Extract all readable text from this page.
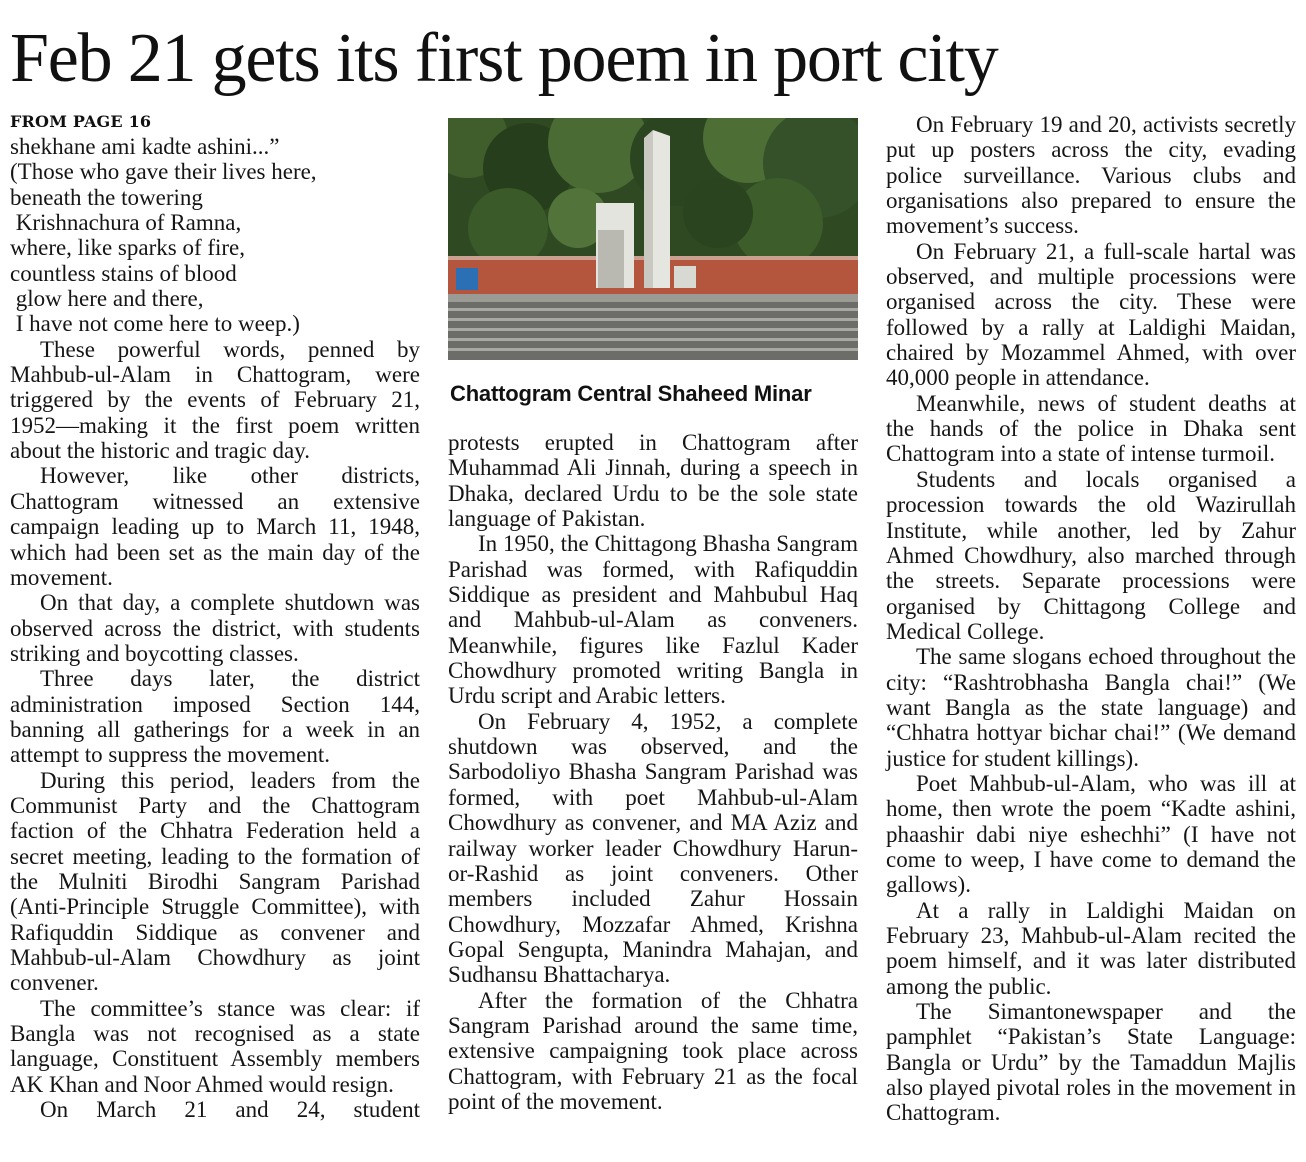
Feb 21 gets its first poem in port city
FROM PAGE 16

shekhane ami kadte ashini...”

(Those who gave their lives here,

beneath the towering

Krishnachura of Ramna,

where, like sparks of fire,

countless stains of blood

glow here and there,

I have not come here to weep.)

These powerful words, penned by Mahbub-ul-Alam in Chattogram, were triggered by the events of February 21, 1952—making it the first poem written about the historic and tragic day.

However, like other districts, Chattogram witnessed an extensive campaign leading up to March 11, 1948, which had been set as the main day of the movement.

On that day, a complete shutdown was observed across the district, with students striking and boycotting classes.

Three days later, the district administration imposed Section 144, banning all gatherings for a week in an attempt to suppress the movement.

During this period, leaders from the Communist Party and the Chattogram faction of the Chhatra Federation held a secret meeting, leading to the formation of the Mulniti Birodhi Sangram Parishad (Anti-Principle Struggle Committee), with Rafiquddin Siddique as convener and Mahbub-ul-Alam Chowdhury as joint convener.

The committee’s stance was clear: if Bangla was not recognised as a state language, Constituent Assembly members AK Khan and Noor Ahmed would resign.

On March 21 and 24, student

Chattogram Central Shaheed Minar

protests erupted in Chattogram after Muhammad Ali Jinnah, during a speech in Dhaka, declared Urdu to be the sole state language of Pakistan.

In 1950, the Chittagong Bhasha Sangram Parishad was formed, with Rafiquddin Siddique as president and Mahbubul Haq and Mahbub-ul-Alam as conveners. Meanwhile, figures like Fazlul Kader Chowdhury promoted writing Bangla in Urdu script and Arabic letters.

On February 4, 1952, a complete shutdown was observed, and the Sarbodoliyo Bhasha Sangram Parishad was formed, with poet Mahbub-ul-Alam Chowdhury as convener, and MA Aziz and railway worker leader Chowdhury Harun-or-Rashid as joint conveners. Other members included Zahur Hossain Chowdhury, Mozzafar Ahmed, Krishna Gopal Sengupta, Manindra Mahajan, and Sudhansu Bhattacharya.

After the formation of the Chhatra Sangram Parishad around the same time, extensive campaigning took place across Chattogram, with February 21 as the focal point of the movement.

On February 19 and 20, activists secretly put up posters across the city, evading police surveillance. Various clubs and organisations also prepared to ensure the movement’s success.

On February 21, a full-scale hartal was observed, and multiple processions were organised across the city. These were followed by a rally at Laldighi Maidan, chaired by Mozammel Ahmed, with over 40,000 people in attendance.

Meanwhile, news of student deaths at the hands of the police in Dhaka sent Chattogram into a state of intense turmoil.

Students and locals organised a procession towards the old Wazirullah Institute, while another, led by Zahur Ahmed Chowdhury, also marched through the streets. Separate processions were organised by Chittagong College and Medical College.

The same slogans echoed throughout the city: “Rashtrobhasha Bangla chai!” (We want Bangla as the state language) and “Chhatra hottyar bichar chai!” (We demand justice for student killings).

Poet Mahbub-ul-Alam, who was ill at home, then wrote the poem “Kadte ashini, phaashir dabi niye eshechhi” (I have not come to weep, I have come to demand the gallows).

At a rally in Laldighi Maidan on February 23, Mahbub-ul-Alam recited the poem himself, and it was later distributed among the public.

The Simantonewspaper and the pamphlet “Pakistan’s State Language: Bangla or Urdu” by the Tamaddun Majlis also played pivotal roles in the movement in Chattogram.
